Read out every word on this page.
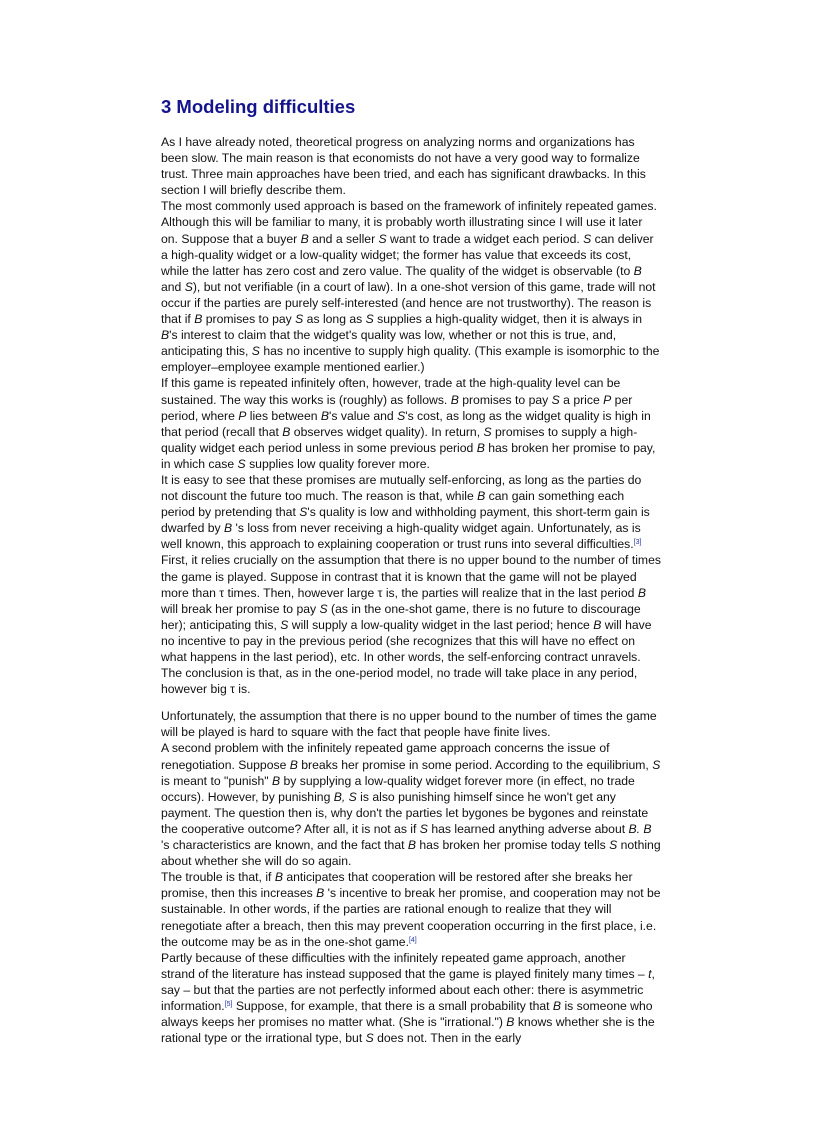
3 Modeling difficulties

As I have already noted, theoretical progress on analyzing norms and organizations has been slow. The main reason is that economists do not have a very good way to formalize trust. Three main approaches have been tried, and each has significant drawbacks. In this section I will briefly describe them.

The most commonly used approach is based on the framework of infinitely repeated games. Although this will be familiar to many, it is probably worth illustrating since I will use it later on. Suppose that a buyer B and a seller S want to trade a widget each period. S can deliver a high-quality widget or a low-quality widget; the former has value that exceeds its cost, while the latter has zero cost and zero value. The quality of the widget is observable (to B and S), but not verifiable (in a court of law). In a one-shot version of this game, trade will not occur if the parties are purely self-interested (and hence are not trustworthy). The reason is that if B promises to pay S as long as S supplies a high-quality widget, then it is always in B's interest to claim that the widget's quality was low, whether or not this is true, and, anticipating this, S has no incentive to supply high quality. (This example is isomorphic to the employer–employee example mentioned earlier.)

If this game is repeated infinitely often, however, trade at the high-quality level can be sustained. The way this works is (roughly) as follows. B promises to pay S a price P per period, where P lies between B's value and S's cost, as long as the widget quality is high in that period (recall that B observes widget quality). In return, S promises to supply a high-quality widget each period unless in some previous period B has broken her promise to pay, in which case S supplies low quality forever more.

It is easy to see that these promises are mutually self-enforcing, as long as the parties do not discount the future too much. The reason is that, while B can gain something each period by pretending that S's quality is low and withholding payment, this short-term gain is dwarfed by B 's loss from never receiving a high-quality widget again. Unfortunately, as is well known, this approach to explaining cooperation or trust runs into several difficulties.[3] First, it relies crucially on the assumption that there is no upper bound to the number of times the game is played. Suppose in contrast that it is known that the game will not be played more than τ times. Then, however large τ is, the parties will realize that in the last period B will break her promise to pay S (as in the one-shot game, there is no future to discourage her); anticipating this, S will supply a low-quality widget in the last period; hence B will have no incentive to pay in the previous period (she recognizes that this will have no effect on what happens in the last period), etc. In other words, the self-enforcing contract unravels. The conclusion is that, as in the one-period model, no trade will take place in any period, however big τ is.

Unfortunately, the assumption that there is no upper bound to the number of times the game will be played is hard to square with the fact that people have finite lives.

A second problem with the infinitely repeated game approach concerns the issue of renegotiation. Suppose B breaks her promise in some period. According to the equilibrium, S is meant to "punish" B by supplying a low-quality widget forever more (in effect, no trade occurs). However, by punishing B, S is also punishing himself since he won't get any payment. The question then is, why don't the parties let bygones be bygones and reinstate the cooperative outcome? After all, it is not as if S has learned anything adverse about B. B 's characteristics are known, and the fact that B has broken her promise today tells S nothing about whether she will do so again.

The trouble is that, if B anticipates that cooperation will be restored after she breaks her promise, then this increases B 's incentive to break her promise, and cooperation may not be sustainable. In other words, if the parties are rational enough to realize that they will renegotiate after a breach, then this may prevent cooperation occurring in the first place, i.e. the outcome may be as in the one-shot game.[4]

Partly because of these difficulties with the infinitely repeated game approach, another strand of the literature has instead supposed that the game is played finitely many times – t, say – but that the parties are not perfectly informed about each other: there is asymmetric information.[5] Suppose, for example, that there is a small probability that B is someone who always keeps her promises no matter what. (She is "irrational.") B knows whether she is the rational type or the irrational type, but S does not. Then in the early
